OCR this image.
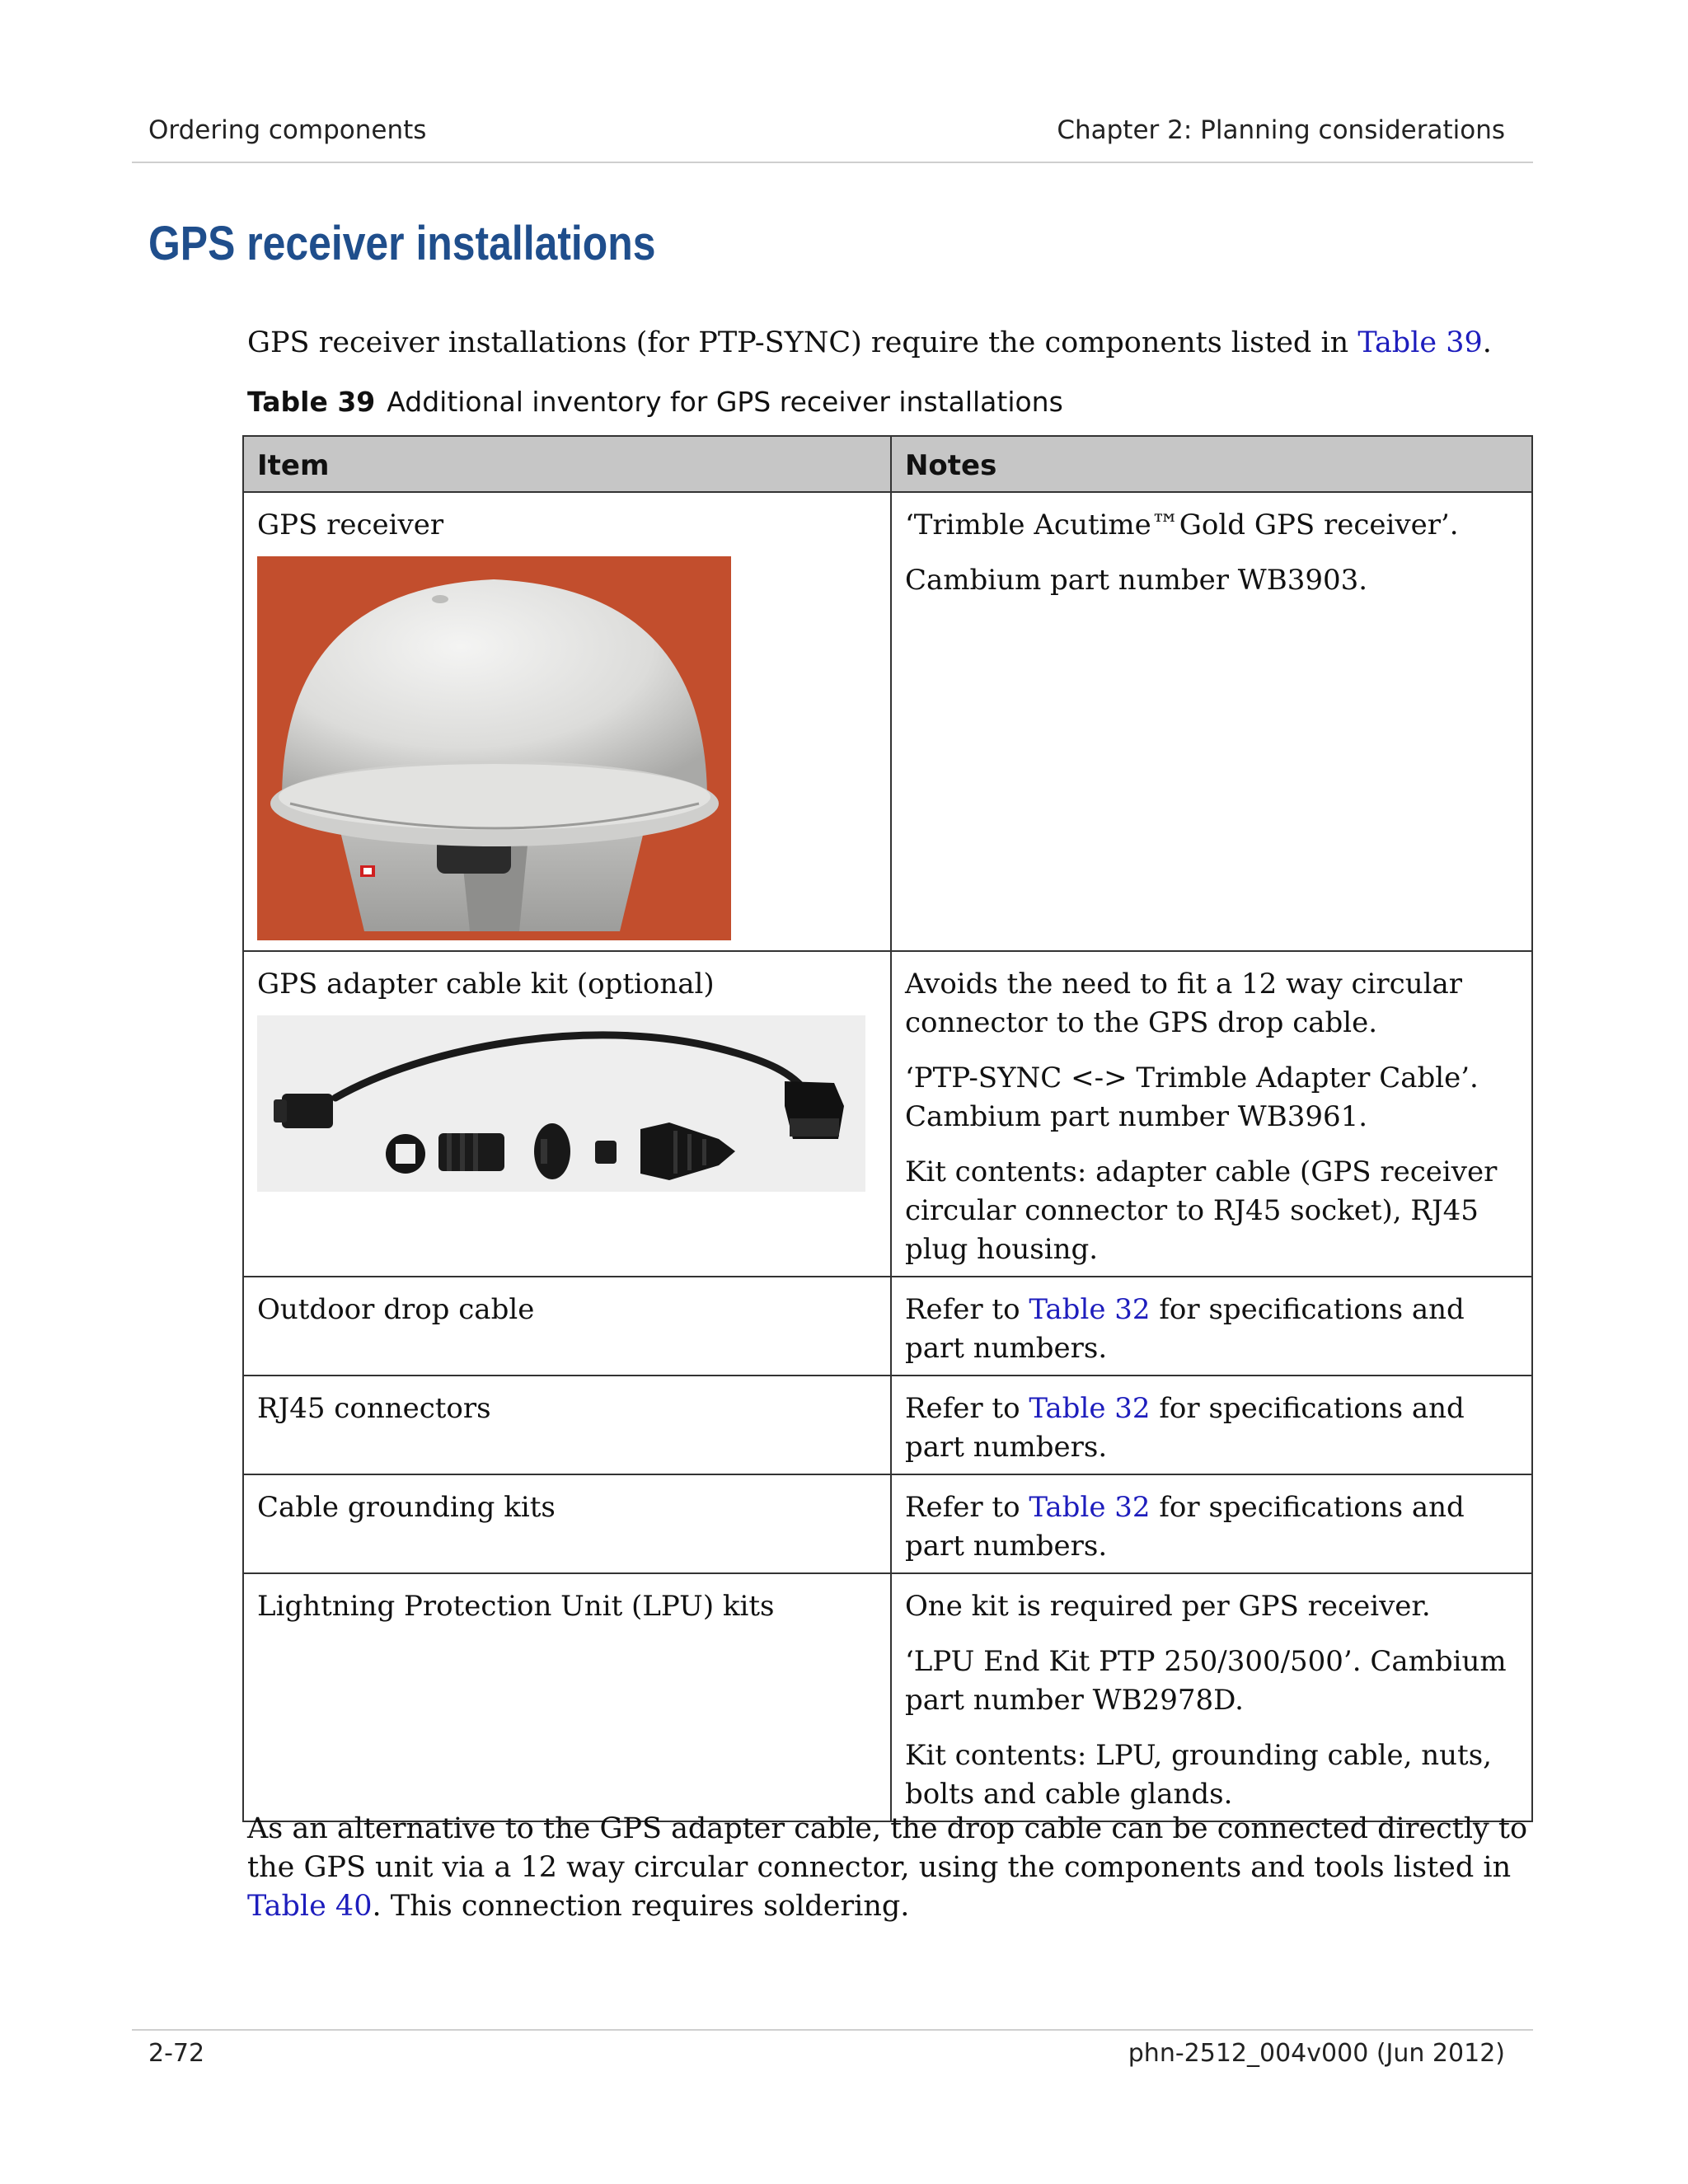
Ordering components	Chapter 2: Planning considerations
GPS receiver installations
GPS receiver installations (for PTP-SYNC) require the components listed in Table 39.
Table 39 Additional inventory for GPS receiver installations
Item	Notes

GPS receiver	‘Trimble Acutime™Gold GPS receiver’.

Cambium part number WB3903.

GPS adapter cable kit (optional)	Avoids the need to fit a 12 way circular connector to the GPS drop cable.

‘PTP-SYNC <-> Trimble Adapter Cable’. Cambium part number WB3961.

Kit contents: adapter cable (GPS receiver circular connector to RJ45 socket), RJ45 plug housing.

Outdoor drop cable	Refer to Table 32 for specifications and part numbers.
RJ45 connectors	Refer to Table 32 for specifications and part numbers.
Cable grounding kits	Refer to Table 32 for specifications and part numbers.
Lightning Protection Unit (LPU) kits	One kit is required per GPS receiver.

‘LPU End Kit PTP 250/300/500’. Cambium part number WB2978D.

Kit contents: LPU, grounding cable, nuts, bolts and cable glands.

As an alternative to the GPS adapter cable, the drop cable can be connected directly to the GPS unit via a 12 way circular connector, using the components and tools listed in Table 40. This connection requires soldering.
2-72	phn-2512_004v000 (Jun 2012)
